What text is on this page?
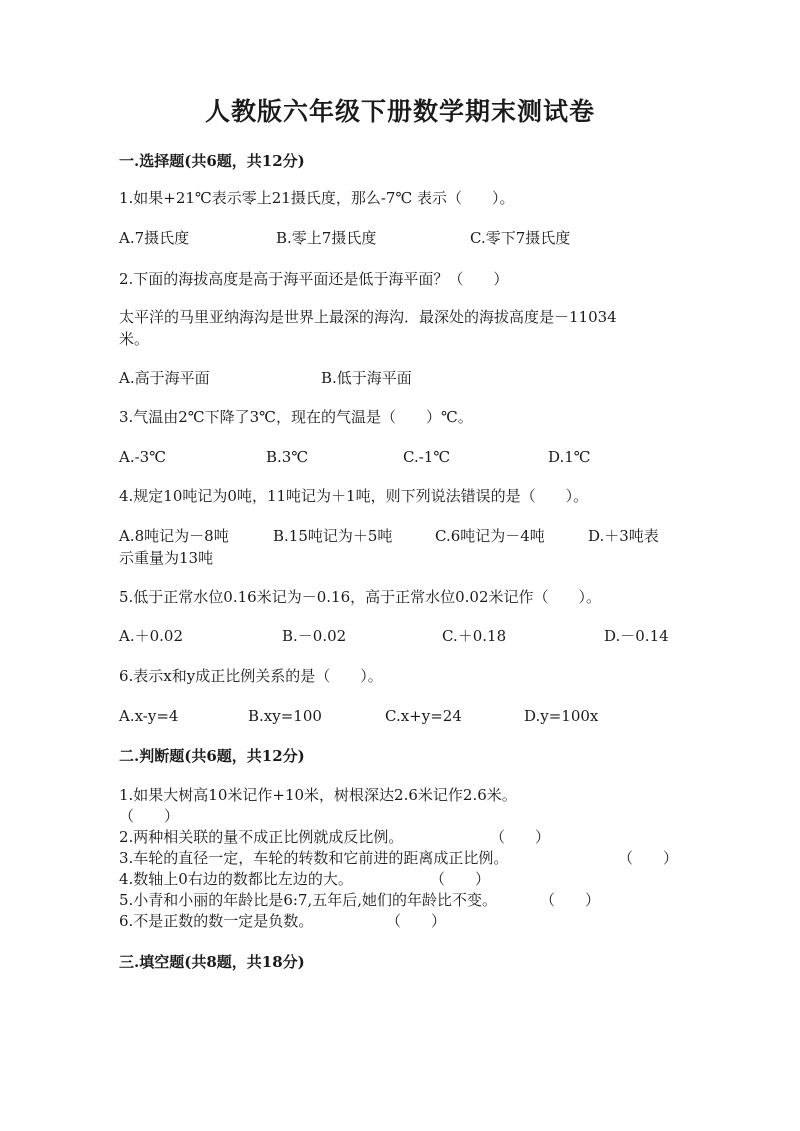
人教版六年级下册数学期末测试卷
一.选择题(共6题，共12分)
1.如果+21℃表示零上21摄氏度，那么-7℃ 表示（　　）。
A.7摄氏度	B.零上7摄氏度	C.零下7摄氏度
2.下面的海拔高度是高于海平面还是低于海平面？（　　）
太平洋的马里亚纳海沟是世界上最深的海沟．最深处的海拔高度是－11034
米。
A.高于海平面	B.低于海平面
3.气温由2℃下降了3℃，现在的气温是（　　）℃。
A.-3℃	B.3℃	C.-1℃	D.1℃
4.规定10吨记为0吨，11吨记为＋1吨，则下列说法错误的是（　　）。
A.8吨记为－8吨	B.15吨记为＋5吨	C.6吨记为－4吨	D.＋3吨表
示重量为13吨
5.低于正常水位0.16米记为－0.16，高于正常水位0.02米记作（　　）。
A.＋0.02	B.－0.02	C.＋0.18	D.－0.14
6.表示x和y成正比例关系的是（　　）。
A.x-y=4	B.xy=100	C.x+y=24	D.y=100x
二.判断题(共6题，共12分)
1.如果大树高10米记作+10米，树根深达2.6米记作2.6米。
（　　）
2.两种相关联的量不成正比例就成反比例。	（　　）
3.车轮的直径一定，车轮的转数和它前进的距离成正比例。	（　　）
4.数轴上0右边的数都比左边的大。	（　　）
5.小青和小丽的年龄比是6:7,五年后,她们的年龄比不变。	（　　）
6.不是正数的数一定是负数。	（　　）
三.填空题(共8题，共18分)
